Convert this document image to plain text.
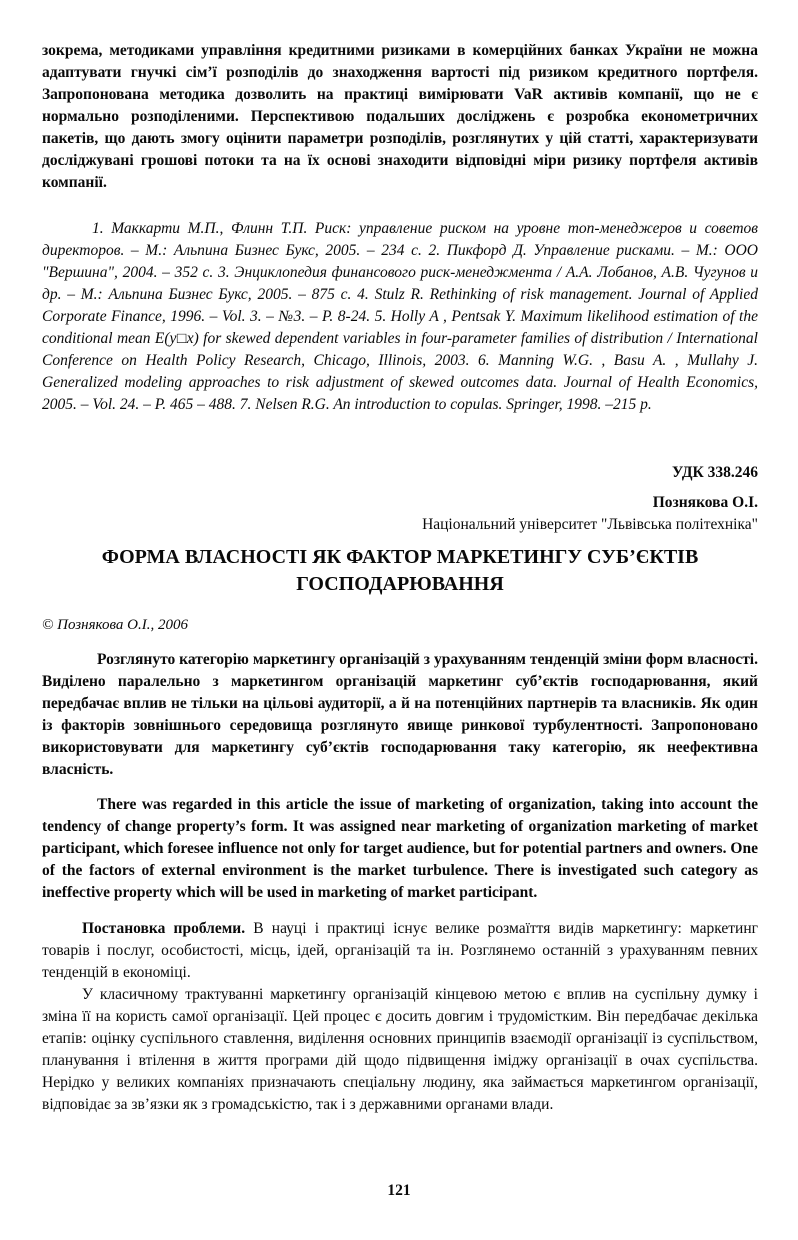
зокрема, методиками управління кредитними ризиками в комерційних банках України не можна адаптувати гнучкі сім’ї розподілів до знаходження вартості під ризиком кредитного портфеля. Запропонована методика дозволить на практиці вимірювати VaR активів компанії, що не є нормально розподіленими. Перспективою подальших досліджень є розробка економетричних пакетів, що дають змогу оцінити параметри розподілів, розглянутих у цій статті, характеризувати досліджувані грошові потоки та на їх основі знаходити відповідні міри ризику портфеля активів компанії.

1. Маккарти М.П., Флинн Т.П. Риск: управление риском на уровне топ-менеджеров и советов директоров. – М.: Альпина Бизнес Букс, 2005. – 234 с. 2. Пикфорд Д. Управление рисками. – М.: ООО "Вершина", 2004. – 352 с. 3. Энциклопедия финансового риск-менеджмента / А.А. Лобанов, А.В. Чугунов и др. – М.: Альпина Бизнес Букс, 2005. – 875 с. 4. Stulz R. Rethinking of risk management. Journal of Applied Corporate Finance, 1996. – Vol. 3. – №3. – P. 8-24. 5. Holly A , Pentsak Y. Maximum likelihood estimation of the conditional mean E(y□x) for skewed dependent variables in four-parameter families of distribution / International Conference on Health Policy Research, Chicago, Illinois, 2003. 6. Manning W.G. , Basu A. , Mullahy J. Generalized modeling approaches to risk adjustment of skewed outcomes data. Journal of Health Economics, 2005. – Vol. 24. – P. 465 – 488. 7. Nelsen R.G. An introduction to copulas. Springer, 1998. –215 p.

УДК 338.246

Познякова О.І.

Національний університет "Львівська політехніка"

ФОРМА ВЛАСНОСТІ ЯК ФАКТОР МАРКЕТИНГУ СУБ’ЄКТІВ ГОСПОДАРЮВАННЯ

© Познякова О.І., 2006

Розглянуто категорію маркетингу організацій з урахуванням тенденцій зміни форм власності. Виділено паралельно з маркетингом організацій маркетинг суб’єктів господарювання, який передбачає вплив не тільки на цільові аудиторії, а й на потенційних партнерів та власників. Як один із факторів зовнішнього середовища розглянуто явище ринкової турбулентності. Запропоновано використовувати для маркетингу суб’єктів господарювання таку категорію, як неефективна власність.

There was regarded in this article the issue of marketing of organization, taking into account the tendency of change property’s form. It was assigned near marketing of organization marketing of market participant, which foresee influence not only for target audience, but for potential partners and owners. One of the factors of external environment is the market turbulence. There is investigated such category as ineffective property which will be used in marketing of market participant.

Постановка проблеми. В науці і практиці існує велике розмаїття видів маркетингу: маркетинг товарів і послуг, особистості, місць, ідей, організацій та ін. Розглянемо останній з урахуванням певних тенденцій в економіці.

У класичному трактуванні маркетингу організацій кінцевою метою є вплив на суспільну думку і зміна її на користь самої організації. Цей процес є досить довгим і трудомістким. Він передбачає декілька етапів: оцінку суспільного ставлення, виділення основних принципів взаємодії організації із суспільством, планування і втілення в життя програми дій щодо підвищення іміджу організації в очах суспільства. Нерідко у великих компаніях призначають спеціальну людину, яка займається маркетингом організації, відповідає за зв’язки як з громадськістю, так і з державними органами влади.

121
